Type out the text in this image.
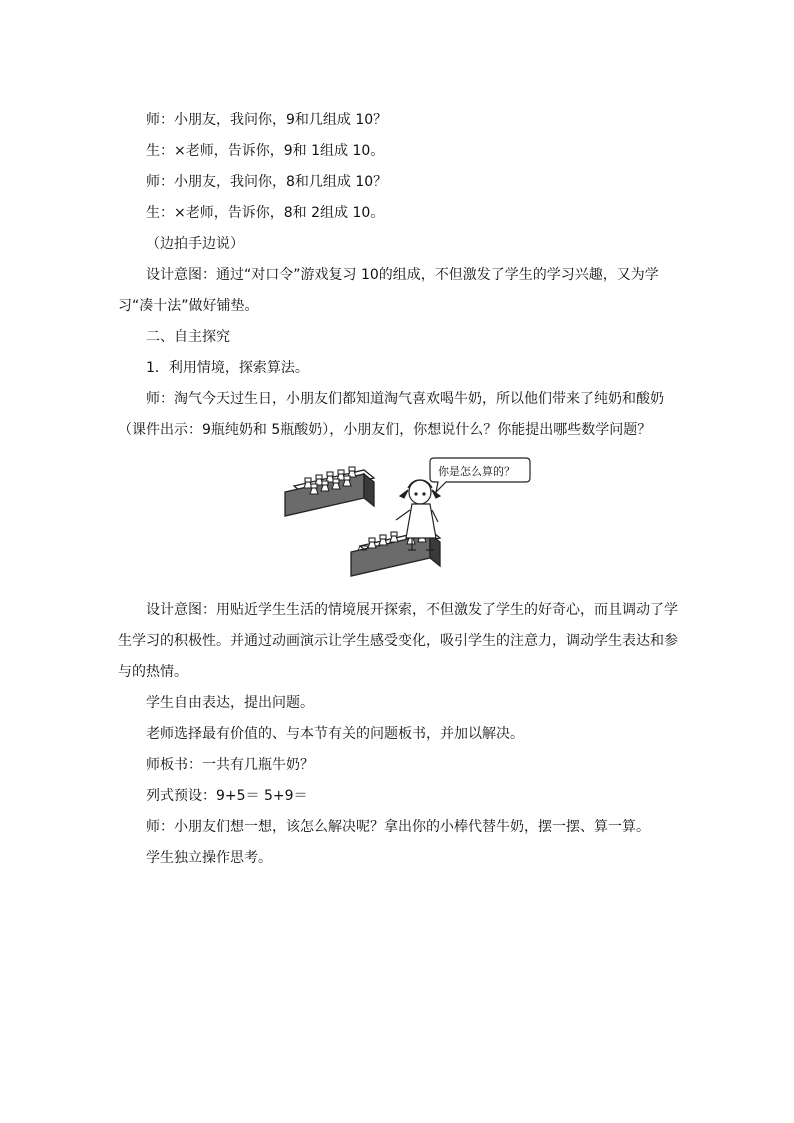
师：小朋友，我问你，9和几组成 10？
生：×老师，告诉你，9和 1组成 10。
师：小朋友，我问你，8和几组成 10？
生：×老师，告诉你，8和 2组成 10。
（边拍手边说）
设计意图：通过“对口令”游戏复习 10的组成，不但激发了学生的学习兴趣，又为学
习“凑十法”做好铺垫。
二、自主探究
1．利用情境，探索算法。
师：淘气今天过生日，小朋友们都知道淘气喜欢喝牛奶，所以他们带来了纯奶和酸奶
（课件出示：9瓶纯奶和 5瓶酸奶），小朋友们，你想说什么？你能提出哪些数学问题？
你是怎么算的？
设计意图：用贴近学生生活的情境展开探索，不但激发了学生的好奇心，而且调动了学
生学习的积极性。并通过动画演示让学生感受变化，吸引学生的注意力，调动学生表达和参
与的热情。
学生自由表达，提出问题。
老师选择最有价值的、与本节有关的问题板书，并加以解决。
师板书：一共有几瓶牛奶？
列式预设：9+5＝ 5+9＝
师：小朋友们想一想，该怎么解决呢？拿出你的小棒代替牛奶，摆一摆、算一算。
学生独立操作思考。
